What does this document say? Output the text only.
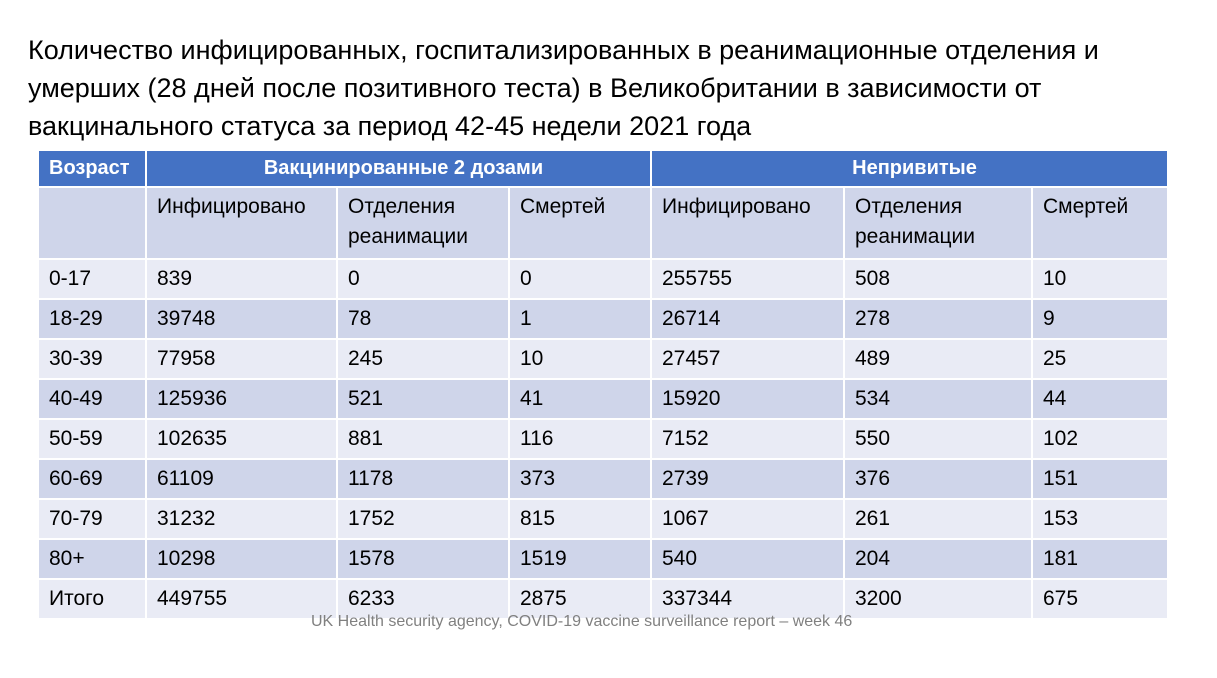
Количество инфицированных, госпитализированных в реанимационные отделения и умерших (28 дней после позитивного теста) в Великобритании в зависимости от вакцинального статуса за период 42-45 недели 2021 года
Возраст	Вакцинированные 2 дозами			Непривитые		
	Инфицировано	Отделения реанимации	Смертей	Инфицировано	Отделения реанимации	Смертей
0-17	839	0	0	255755	508	10
18-29	39748	78	1	26714	278	9
30-39	77958	245	10	27457	489	25
40-49	125936	521	41	15920	534	44
50-59	102635	881	116	7152	550	102
60-69	61109	1178	373	2739	376	151
70-79	31232	1752	815	1067	261	153
80+	10298	1578	1519	540	204	181
Итого	449755	6233	2875	337344	3200	675
UK Health security agency, COVID-19 vaccine surveillance report – week 46
